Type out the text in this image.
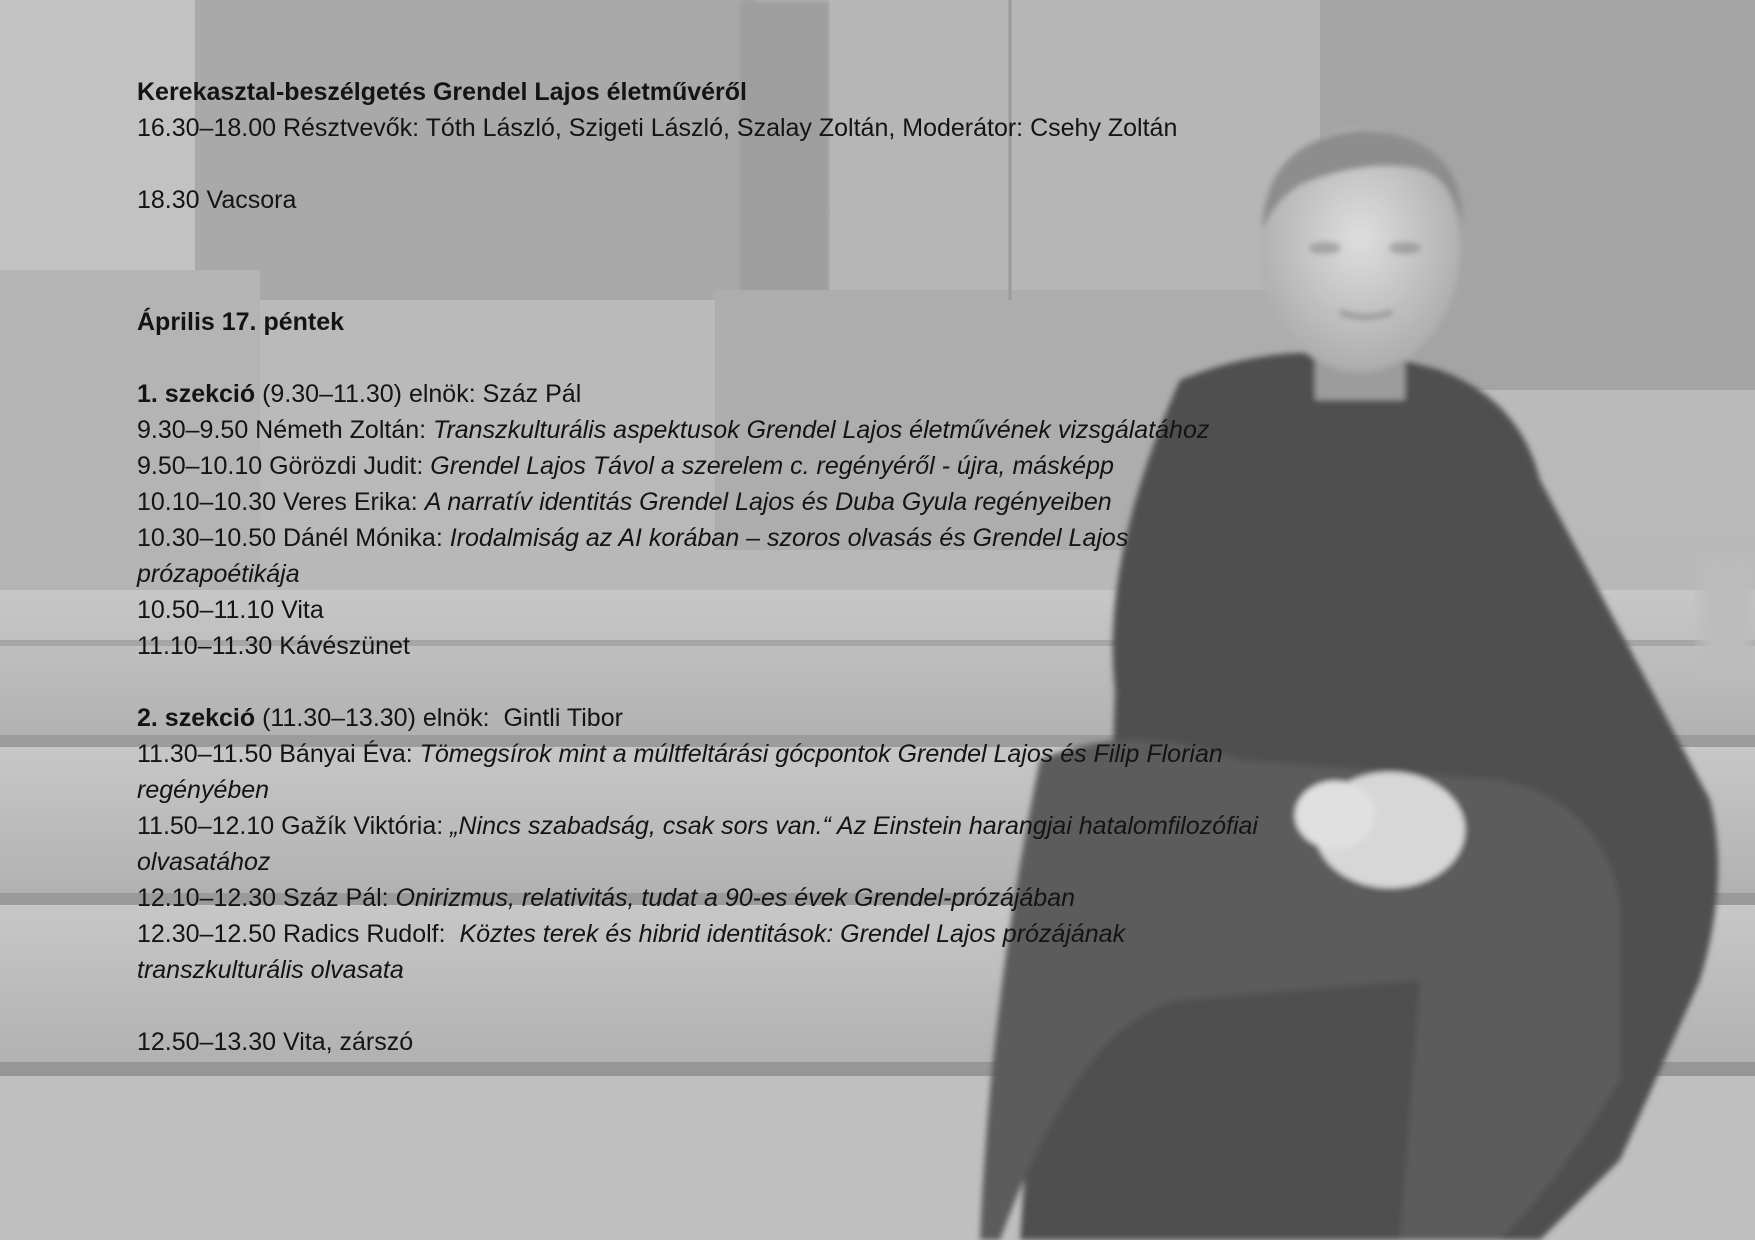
Kerekasztal-beszélgetés Grendel Lajos életművéről

16.30–18.00 Résztvevők: Tóth László, Szigeti László, Szalay Zoltán, Moderátor: Csehy Zoltán

18.30 Vacsora

Április 17. péntek

1. szekció (9.30–11.30) elnök: Száz Pál

9.30–9.50 Németh Zoltán: Transzkulturális aspektusok Grendel Lajos életművének vizsgálatához

9.50–10.10 Görözdi Judit: Grendel Lajos Távol a szerelem c. regényéről - újra, másképp

10.10–10.30 Veres Erika: A narratív identitás Grendel Lajos és Duba Gyula regényeiben

10.30–10.50 Dánél Mónika: Irodalmiság az AI korában – szoros olvasás és Grendel Lajos prózapoétikája

10.50–11.10 Vita

11.10–11.30 Kávészünet

2. szekció (11.30–13.30) elnök:  Gintli Tibor

11.30–11.50 Bányai Éva: Tömegsírok mint a múltfeltárási gócpontok Grendel Lajos és Filip Florian regényében

11.50–12.10 Gažík Viktória: „Nincs szabadság, csak sors van.“ Az Einstein harangjai hatalomfilozófiai olvasatához

12.10–12.30 Száz Pál: Onirizmus, relativitás, tudat a 90-es évek Grendel-prózájában

12.30–12.50 Radics Rudolf:  Köztes terek és hibrid identitások: Grendel Lajos prózájának transzkulturális olvasata

12.50–13.30 Vita, zárszó
